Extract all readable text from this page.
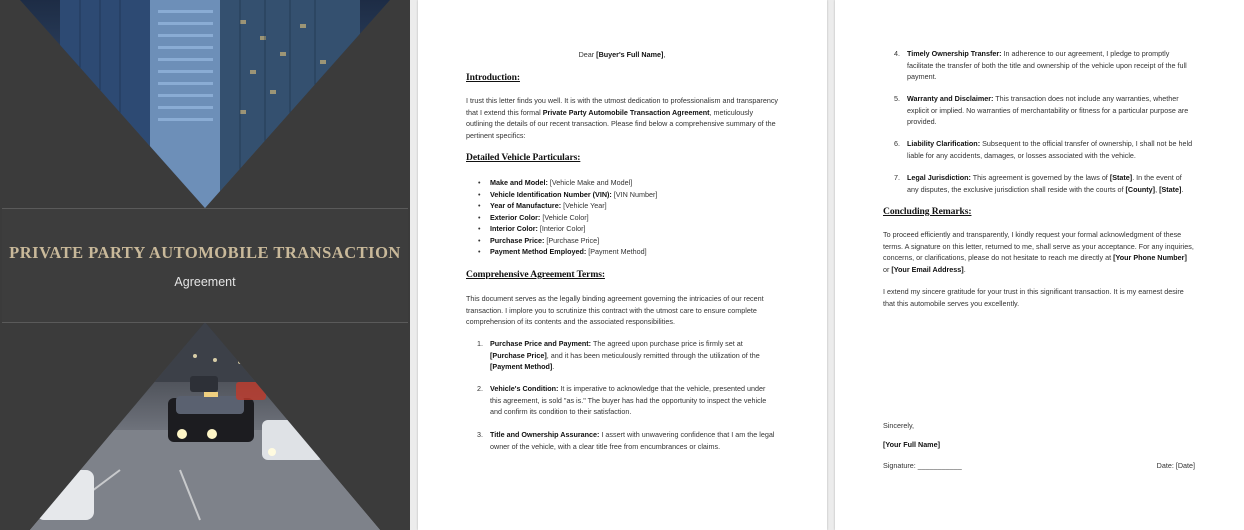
PRIVATE PARTY AUTOMOBILE TRANSACTION
Agreement

Dear [Buyer's Full Name],

Introduction:

I trust this letter finds you well. It is with the utmost dedication to professionalism and transparency that I extend this formal Private Party Automobile Transaction Agreement, meticulously outlining the details of our recent transaction. Please find below a comprehensive summary of the pertinent specifics:

Detailed Vehicle Particulars:

• Make and Model: [Vehicle Make and Model]
• Vehicle Identification Number (VIN): [VIN Number]
• Year of Manufacture: [Vehicle Year]
• Exterior Color: [Vehicle Color]
• Interior Color: [Interior Color]
• Purchase Price: [Purchase Price]
• Payment Method Employed: [Payment Method]

Comprehensive Agreement Terms:

This document serves as the legally binding agreement governing the intricacies of our recent transaction. I implore you to scrutinize this contract with the utmost care to ensure complete comprehension of its contents and the associated responsibilities.

1. Purchase Price and Payment: The agreed upon purchase price is firmly set at [Purchase Price], and it has been meticulously remitted through the utilization of the [Payment Method].

2. Vehicle's Condition: It is imperative to acknowledge that the vehicle, presented under this agreement, is sold "as is." The buyer has had the opportunity to inspect the vehicle and confirm its condition to their satisfaction.

3. Title and Ownership Assurance: I assert with unwavering confidence that I am the legal owner of the vehicle, with a clear title free from encumbrances or claims.

4. Timely Ownership Transfer: In adherence to our agreement, I pledge to promptly facilitate the transfer of both the title and ownership of the vehicle upon receipt of the full payment.

5. Warranty and Disclaimer: This transaction does not include any warranties, whether explicit or implied. No warranties of merchantability or fitness for a particular purpose are provided.

6. Liability Clarification: Subsequent to the official transfer of ownership, I shall not be held liable for any accidents, damages, or losses associated with the vehicle.

7. Legal Jurisdiction: This agreement is governed by the laws of [State]. In the event of any disputes, the exclusive jurisdiction shall reside with the courts of [County], [State].

Concluding Remarks:

To proceed efficiently and transparently, I kindly request your formal acknowledgment of these terms. A signature on this letter, returned to me, shall serve as your acceptance. For any inquiries, concerns, or clarifications, please do not hesitate to reach me directly at [Your Phone Number] or [Your Email Address].

I extend my sincere gratitude for your trust in this significant transaction. It is my earnest desire that this automobile serves you excellently.

Sincerely,

[Your Full Name]

Signature: ___________	Date: [Date]
